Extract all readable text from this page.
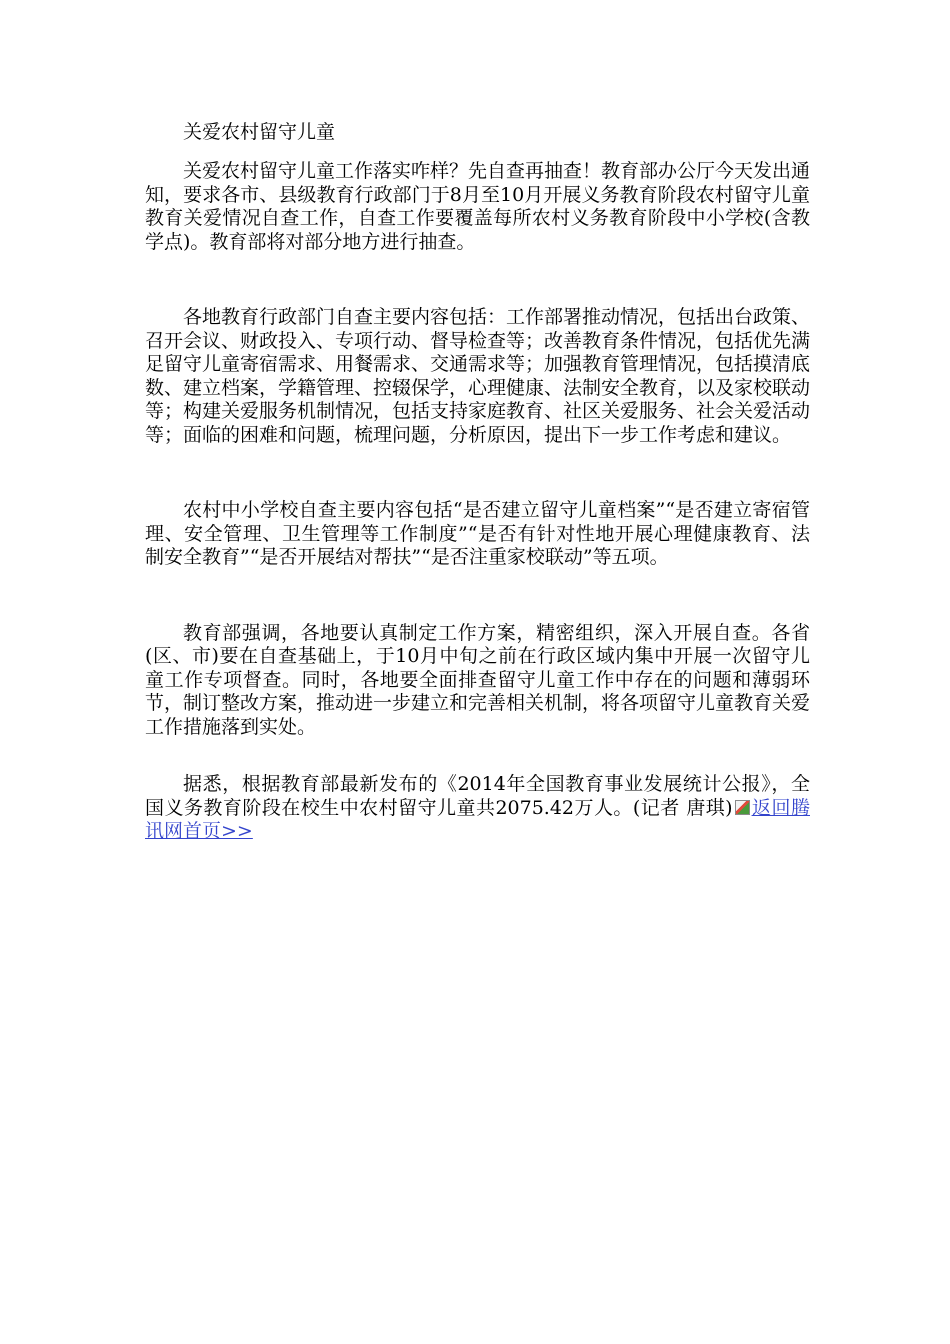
关爱农村留守儿童

关爱农村留守儿童工作落实咋样？先自查再抽查！教育部办公厅今天发出通知，要求各市、县级教育行政部门于8月至10月开展义务教育阶段农村留守儿童教育关爱情况自查工作，自查工作要覆盖每所农村义务教育阶段中小学校(含教学点)。教育部将对部分地方进行抽查。

各地教育行政部门自查主要内容包括：工作部署推动情况，包括出台政策、召开会议、财政投入、专项行动、督导检查等；改善教育条件情况，包括优先满足留守儿童寄宿需求、用餐需求、交通需求等；加强教育管理情况，包括摸清底数、建立档案，学籍管理、控辍保学，心理健康、法制安全教育，以及家校联动等；构建关爱服务机制情况，包括支持家庭教育、社区关爱服务、社会关爱活动等；面临的困难和问题，梳理问题，分析原因，提出下一步工作考虑和建议。

农村中小学校自查主要内容包括“是否建立留守儿童档案”“是否建立寄宿管理、安全管理、卫生管理等工作制度”“是否有针对性地开展心理健康教育、法制安全教育”“是否开展结对帮扶”“是否注重家校联动”等五项。

教育部强调，各地要认真制定工作方案，精密组织，深入开展自查。各省(区、市)要在自查基础上，于10月中旬之前在行政区域内集中开展一次留守儿童工作专项督查。同时，各地要全面排查留守儿童工作中存在的问题和薄弱环节，制订整改方案，推动进一步建立和完善相关机制，将各项留守儿童教育关爱工作措施落到实处。

据悉，根据教育部最新发布的《2014年全国教育事业发展统计公报》，全国义务教育阶段在校生中农村留守儿童共2075.42万人。(记者 唐琪) 返回腾讯网首页>>
